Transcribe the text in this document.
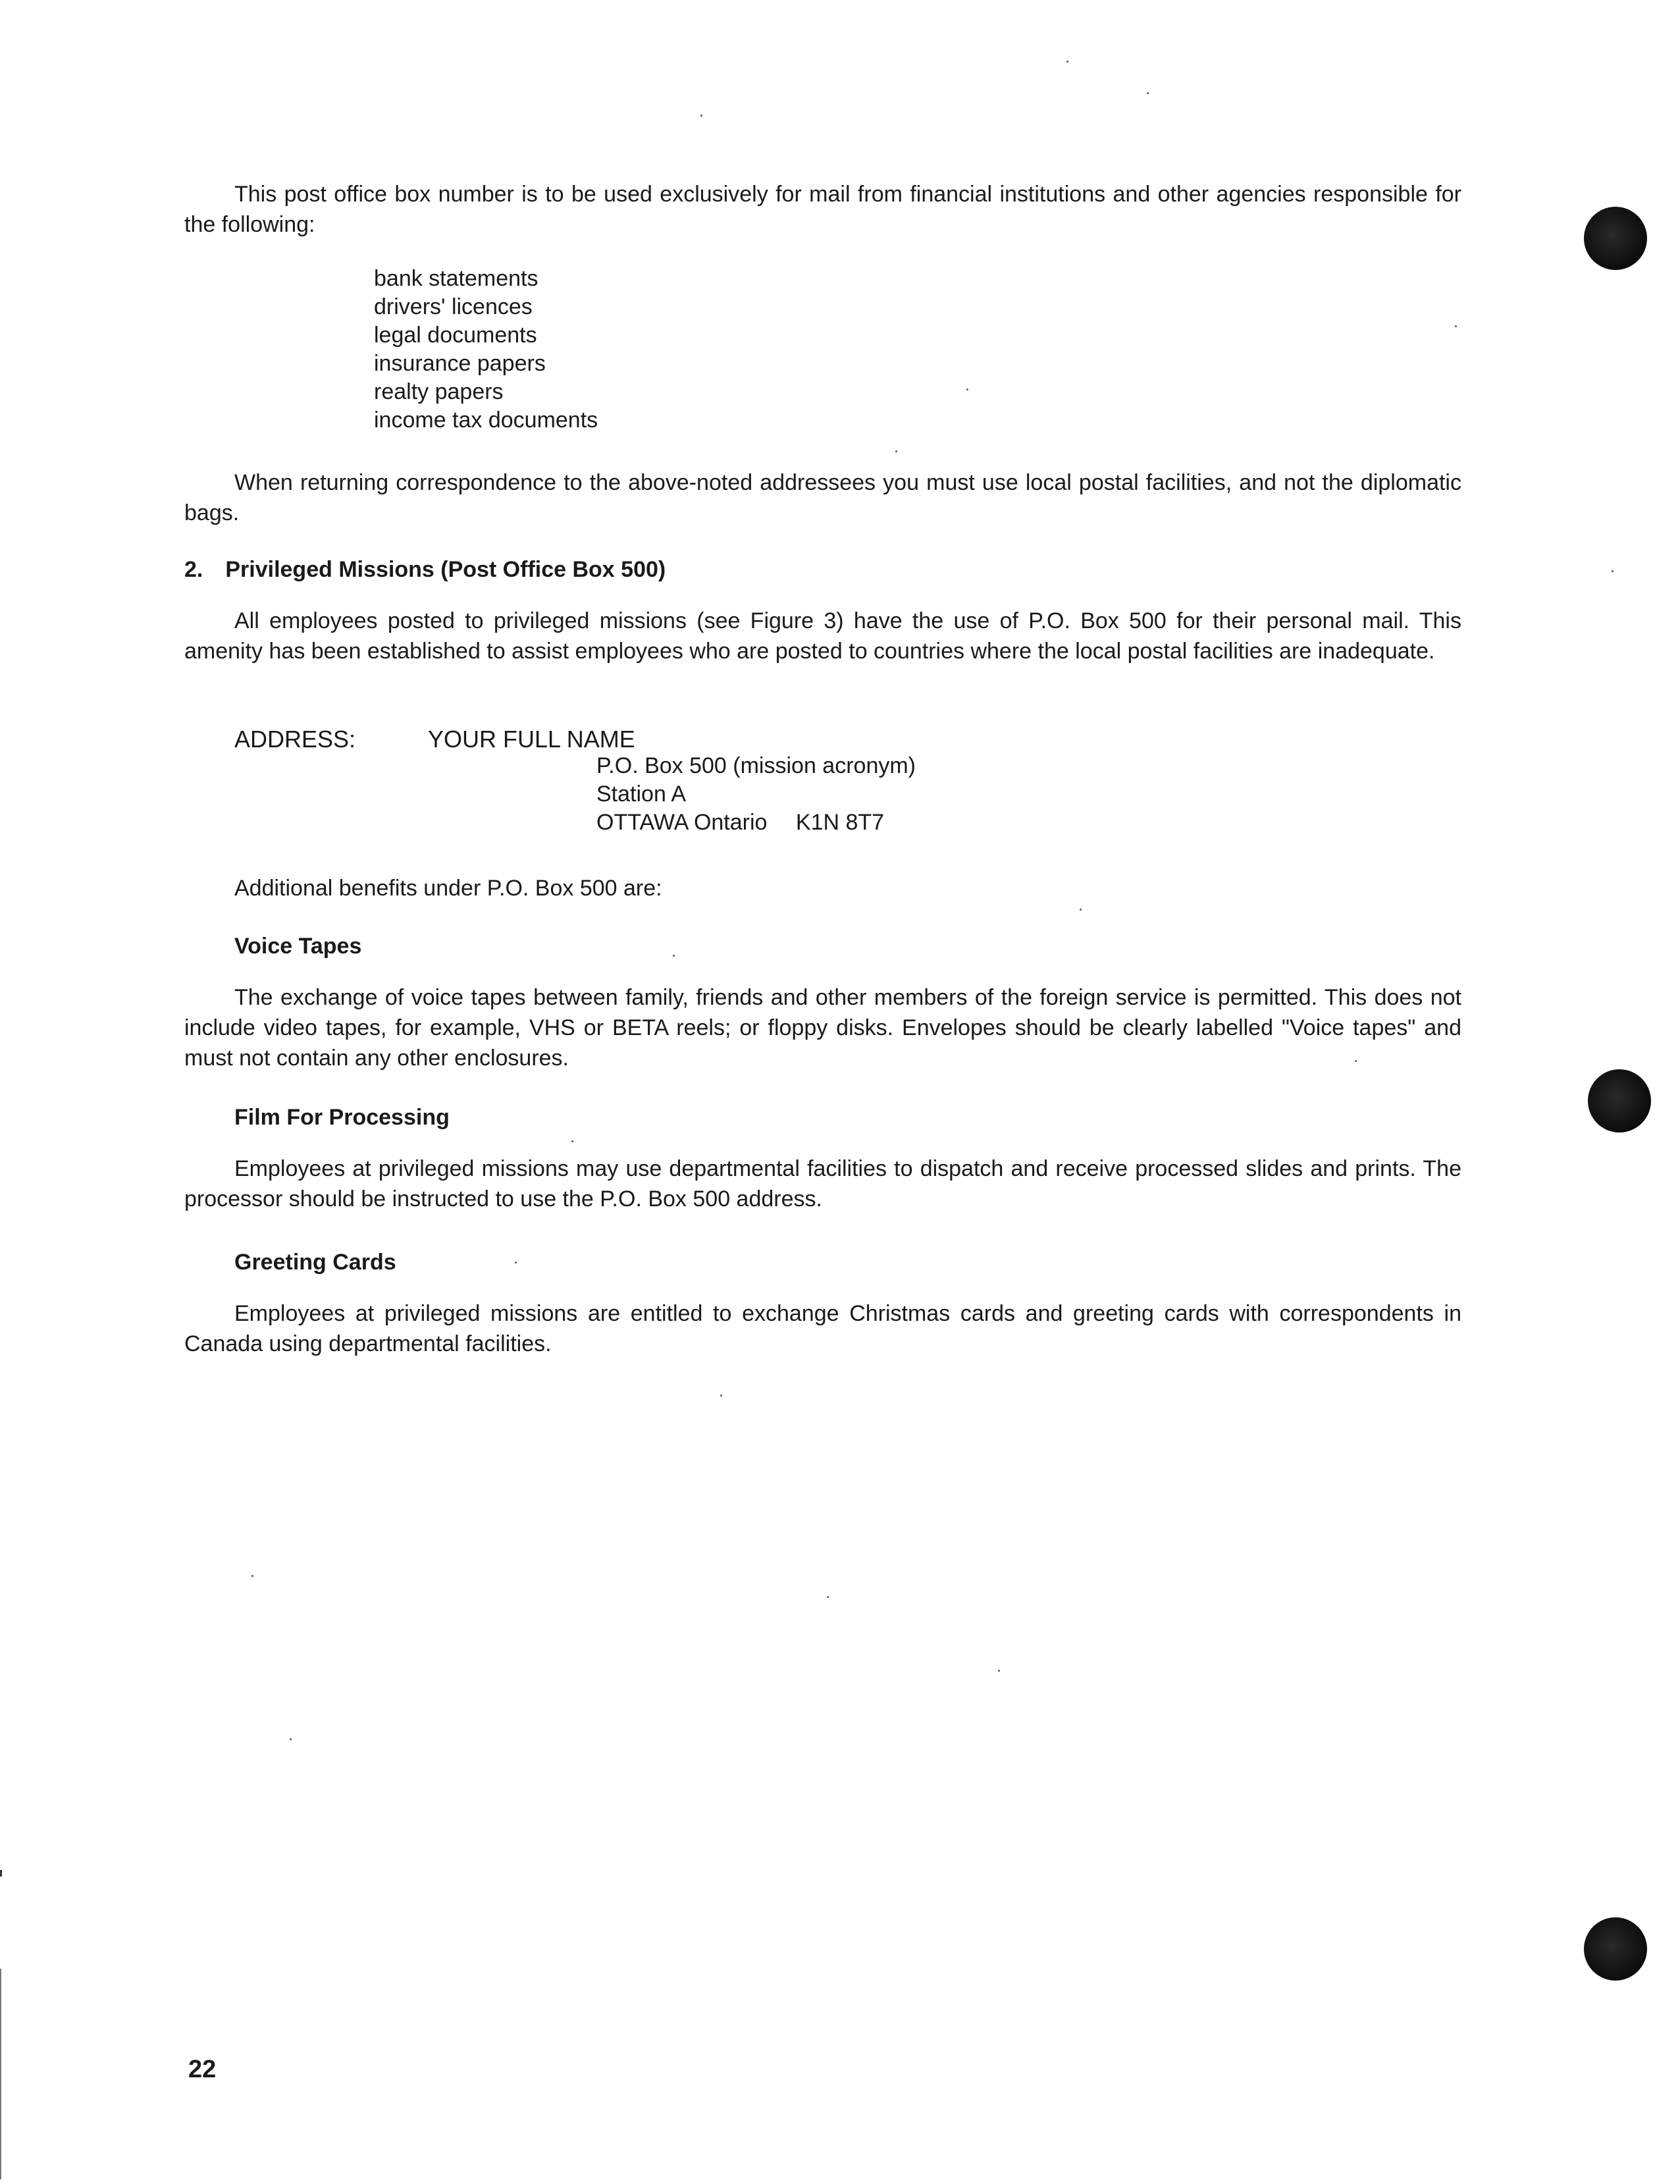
This post office box number is to be used exclusively for mail from financial institutions and other agencies responsible for the following:

bank statements
drivers' licences
legal documents
insurance papers
realty papers
income tax documents

When returning correspondence to the above-noted addressees you must use local postal facilities, and not the diplomatic bags.

2. Privileged Missions (Post Office Box 500)

All employees posted to privileged missions (see Figure 3) have the use of P.O. Box 500 for their personal mail. This amenity has been established to assist employees who are posted to countries where the local postal facilities are inadequate.

ADDRESS:	YOUR FULL NAME
P.O. Box 500 (mission acronym)
Station A
OTTAWA Ontario  K1N 8T7

Additional benefits under P.O. Box 500 are:

Voice Tapes

The exchange of voice tapes between family, friends and other members of the foreign service is permitted. This does not include video tapes, for example, VHS or BETA reels; or floppy disks. Envelopes should be clearly labelled "Voice tapes" and must not contain any other enclosures.

Film For Processing

Employees at privileged missions may use departmental facilities to dispatch and receive processed slides and prints. The processor should be instructed to use the P.O. Box 500 address.

Greeting Cards

Employees at privileged missions are entitled to exchange Christmas cards and greeting cards with correspondents in Canada using departmental facilities.

22
